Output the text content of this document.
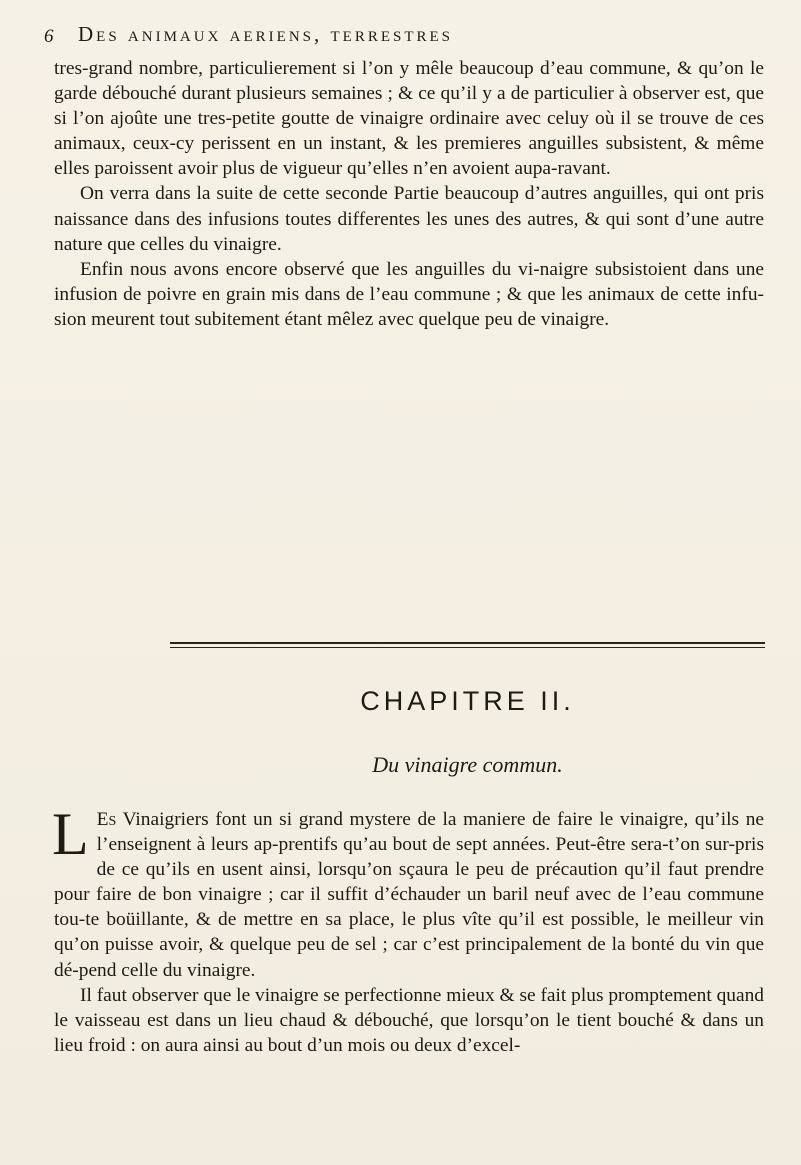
6 Des animaux aeriens, terrestres

tres-grand nombre, particulierement si l’on y mêle beaucoup d’eau commune, & qu’on le garde débouché durant plusieurs semaines ; & ce qu’il y a de particulier à observer est, que si l’on ajoûte une tres-petite goutte de vinaigre ordinaire avec celuy où il se trouve de ces animaux, ceux-cy perissent en un instant, & les premieres anguilles subsistent, & même elles paroissent avoir plus de vigueur qu’elles n’en avoient aupa-ravant.

On verra dans la suite de cette seconde Partie beaucoup d’autres anguilles, qui ont pris naissance dans des infusions toutes differentes les unes des autres, & qui sont d’une autre nature que celles du vinaigre.

Enfin nous avons encore observé que les anguilles du vi-naigre subsistoient dans une infusion de poivre en grain mis dans de l’eau commune ; & que les animaux de cette infu-sion meurent tout subitement étant mêlez avec quelque peu de vinaigre.

CHAPITRE II.
Du vinaigre commun.

L Es Vinaigriers font un si grand mystere de la maniere de faire le vinaigre, qu’ils ne l’enseignent à leurs ap-prentifs qu’au bout de sept années. Peut-être sera-t’on sur-pris de ce qu’ils en usent ainsi, lorsqu’on sçaura le peu de précaution qu’il faut prendre pour faire de bon vinaigre ; car il suffit d’échauder un baril neuf avec de l’eau commune tou-te boüillante, & de mettre en sa place, le plus vîte qu’il est possible, le meilleur vin qu’on puisse avoir, & quelque peu de sel ; car c’est principalement de la bonté du vin que dé-pend celle du vinaigre.

Il faut observer que le vinaigre se perfectionne mieux & se fait plus promptement quand le vaisseau est dans un lieu chaud & débouché, que lorsqu’on le tient bouché & dans un lieu froid : on aura ainsi au bout d’un mois ou deux d’excel-
